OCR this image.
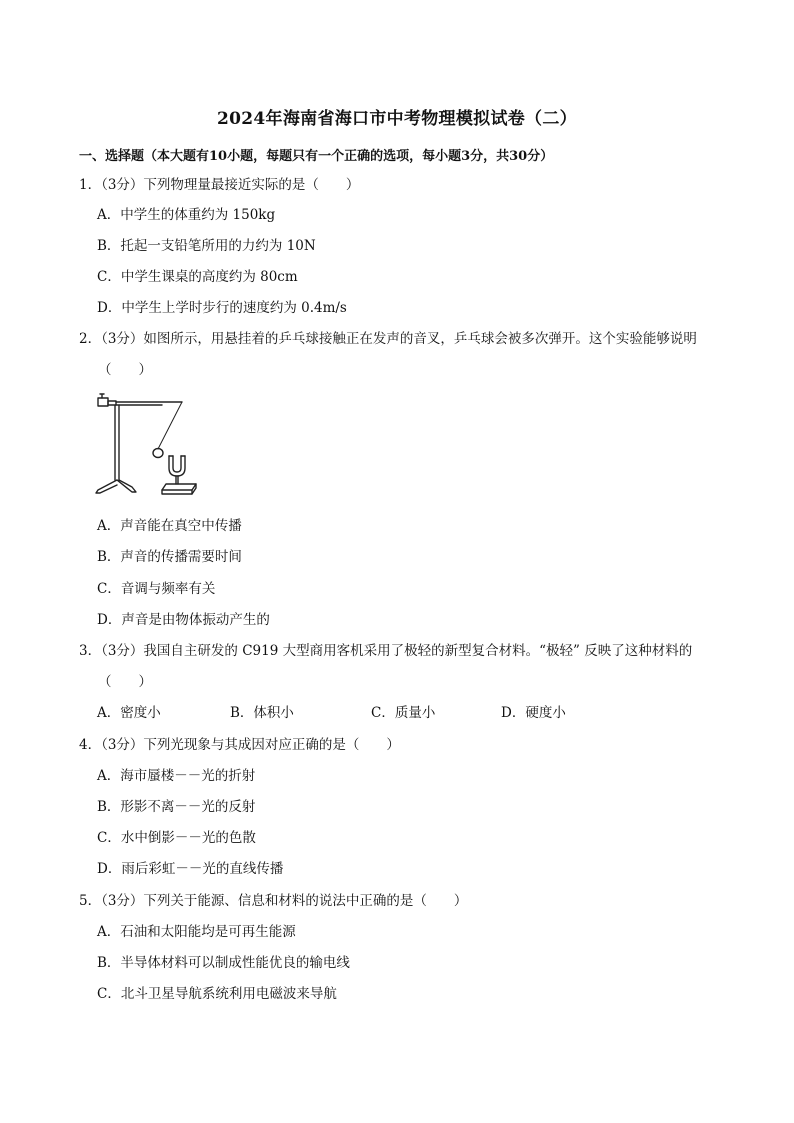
2024年海南省海口市中考物理模拟试卷（二）
一、选择题（本大题有10小题，每题只有一个正确的选项，每小题3分，共30分）
1．（3分）下列物理量最接近实际的是（　　）
A．中学生的体重约为 150kg
B．托起一支铅笔所用的力约为 10N
C．中学生课桌的高度约为 80cm
D．中学生上学时步行的速度约为 0.4m/s
2．（3分）如图所示，用悬挂着的乒乓球接触正在发声的音叉，乒乓球会被多次弹开。这个实验能够说明
（　　）
A．声音能在真空中传播
B．声音的传播需要时间
C．音调与频率有关
D．声音是由物体振动产生的
3．（3分）我国自主研发的 C919 大型商用客机采用了极轻的新型复合材料。“极轻” 反映了这种材料的
（　　）
A．密度小	B．体积小	C．质量小	D．硬度小
4．（3分）下列光现象与其成因对应正确的是（　　）
A．海市蜃楼－－光的折射
B．形影不离－－光的反射
C．水中倒影－－光的色散
D．雨后彩虹－－光的直线传播
5．（3分）下列关于能源、信息和材料的说法中正确的是（　　）
A．石油和太阳能均是可再生能源
B．半导体材料可以制成性能优良的输电线
C．北斗卫星导航系统利用电磁波来导航
